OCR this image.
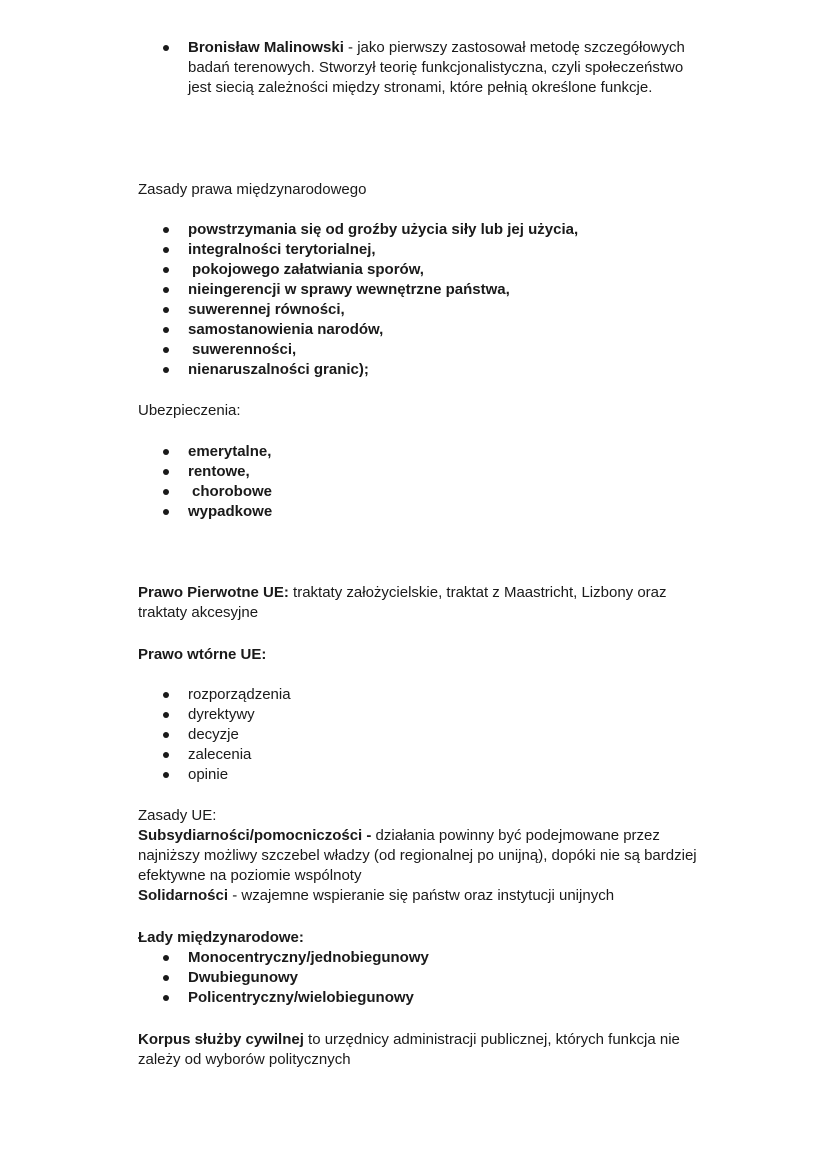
Bronisław Malinowski - jako pierwszy zastosował metodę szczegółowych badań terenowych. Stworzył teorię funkcjonalistyczna, czyli społeczeństwo jest siecią zależności między stronami, które pełnią określone funkcje.

Zasady prawa międzynarodowego

powstrzymania się od groźby użycia siły lub jej użycia,
integralności terytorialnej,
pokojowego załatwiania sporów,
nieingerencji w sprawy wewnętrzne państwa,
suwerennej równości,
samostanowienia narodów,
suwerenności,
nienaruszalności granic);

Ubezpieczenia:

emerytalne,
rentowe,
chorobowe
wypadkowe

Prawo Pierwotne UE: traktaty założycielskie, traktat z Maastricht, Lizbony oraz traktaty akcesyjne

Prawo wtórne UE:

rozporządzenia
dyrektywy
decyzje
zalecenia
opinie

Zasady UE:

Subsydiarności/pomocniczości - działania powinny być podejmowane przez najniższy możliwy szczebel władzy (od regionalnej po unijną), dopóki nie są bardziej efektywne na poziomie wspólnoty

Solidarności - wzajemne wspieranie się państw oraz instytucji unijnych

Łady międzynarodowe:

Monocentryczny/jednobiegunowy
Dwubiegunowy
Policentryczny/wielobiegunowy

Korpus służby cywilnej to urzędnicy administracji publicznej, których funkcja nie zależy od wyborów politycznych
